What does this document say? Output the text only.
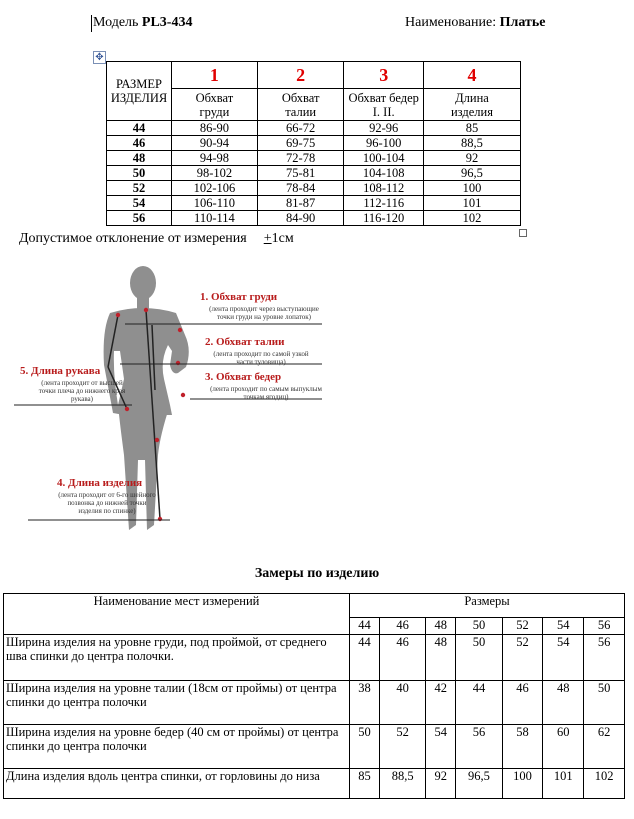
Модель PL3-434	Наименование: Платье
✥
РАЗМЕР ИЗДЕЛИЯ	1	2	3	4
	Обхват груди	Обхват талии	Обхват бедер I. II.	Длина изделия
44	86-90	66-72	92-96	85
46	90-94	69-75	96-100	88,5
48	94-98	72-78	100-104	92
50	98-102	75-81	104-108	96,5
52	102-106	78-84	108-112	100
54	106-110	81-87	112-116	101
56	110-114	84-90	116-120	102
Допустимое отклонение от измерения +1см
1. Обхват груди
(лента проходит через выступающие точки груди на уровне лопаток)
2. Обхват талии
(лента проходит по самой узкой части туловища)
3. Обхват бедер
(лента проходит по самым выпуклым точкам ягодиц)
5. Длина рукава
(лента проходит от высшей точки плеча до нижнего края рукава)
4. Длина изделия
(лента проходит от 6-го шейного позвонка до нижней точки изделия по спинке)
Замеры по изделию
Наименование мест измерений	Размеры						
	44	46	48	50	52	54	56
Ширина изделия на уровне груди, под проймой, от среднего шва спинки до центра полочки.	44	46	48	50	52	54	56
Ширина изделия на уровне талии (18см от проймы) от центра спинки до центра полочки	38	40	42	44	46	48	50
Ширина изделия на уровне бедер (40 см от проймы) от центра спинки до центра полочки	50	52	54	56	58	60	62
Длина изделия вдоль центра спинки, от горловины до низа	85	88,5	92	96,5	100	101	102
